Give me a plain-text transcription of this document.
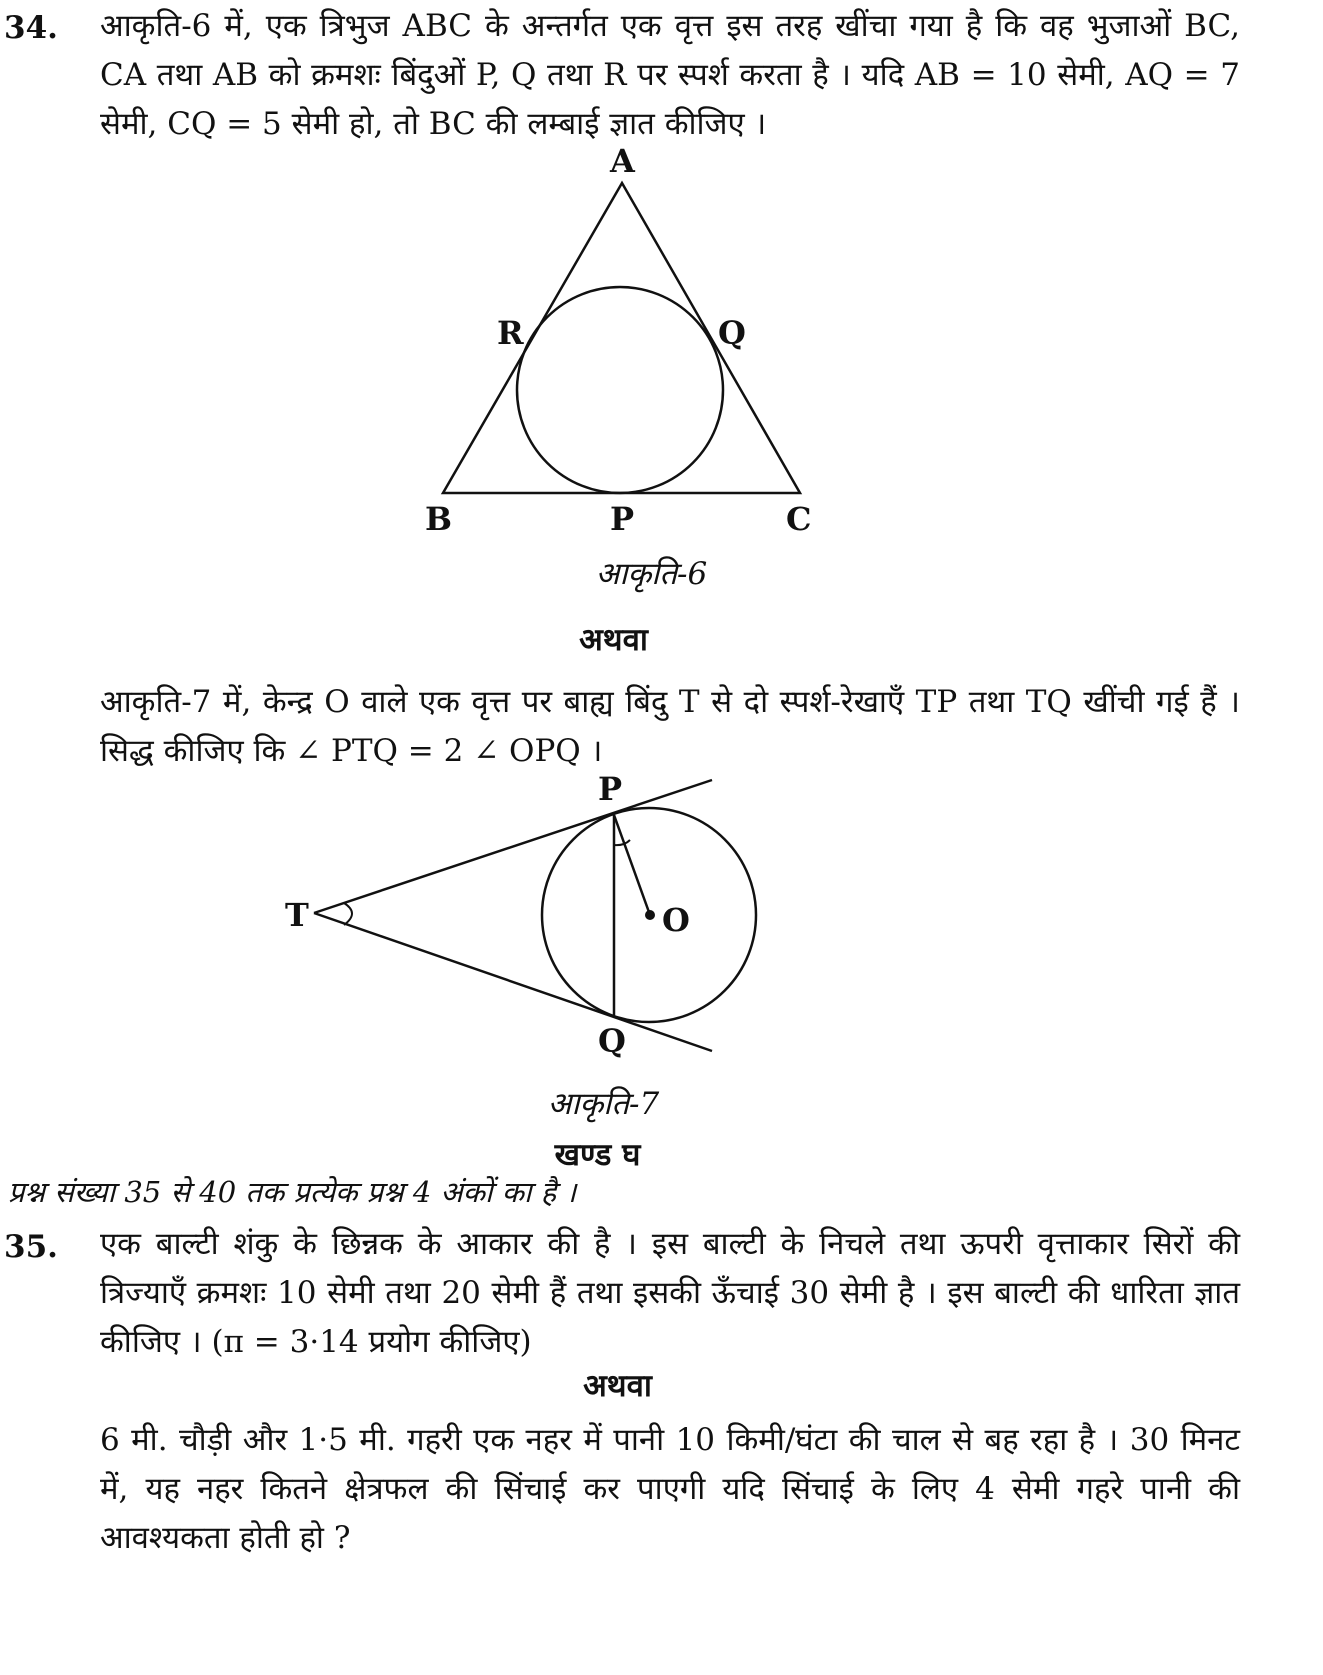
34. आकृति-6 में, एक त्रिभुज ABC के अन्तर्गत एक वृत्त इस तरह खींचा गया है कि वह भुजाओं BC, CA तथा AB को क्रमशः बिंदुओं P, Q तथा R पर स्पर्श करता है । यदि AB = 10 सेमी, AQ = 7 सेमी, CQ = 5 सेमी हो, तो BC की लम्बाई ज्ञात कीजिए ।
A
R	Q
B	P	C
आकृति-6
अथवा
आकृति-7 में, केन्द्र O वाले एक वृत्त पर बाह्य बिंदु T से दो स्पर्श-रेखाएँ TP तथा TQ खींची गई हैं । सिद्ध कीजिए कि ∠ PTQ = 2 ∠ OPQ ।
P
T	O
Q
आकृति-7
खण्ड घ
प्रश्न संख्या 35 से 40 तक प्रत्येक प्रश्न 4 अंकों का है ।
35. एक बाल्टी शंकु के छिन्नक के आकार की है । इस बाल्टी के निचले तथा ऊपरी वृत्ताकार सिरों की त्रिज्याएँ क्रमशः 10 सेमी तथा 20 सेमी हैं तथा इसकी ऊँचाई 30 सेमी है । इस बाल्टी की धारिता ज्ञात कीजिए । (π = 3·14 प्रयोग कीजिए)
अथवा
6 मी. चौड़ी और 1·5 मी. गहरी एक नहर में पानी 10 किमी/घंटा की चाल से बह रहा है । 30 मिनट में, यह नहर कितने क्षेत्रफल की सिंचाई कर पाएगी यदि सिंचाई के लिए 4 सेमी गहरे पानी की आवश्यकता होती हो ?
